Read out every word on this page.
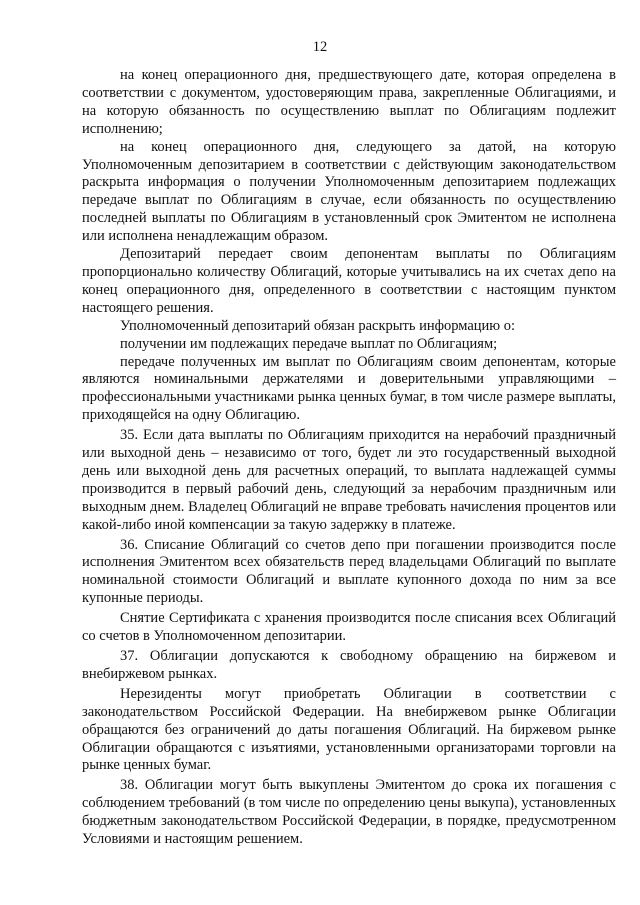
12

на конец операционного дня, предшествующего дате, которая определена в соответствии с документом, удостоверяющим права, закрепленные Облигациями, и на которую обязанность по осуществлению выплат по Облигациям подлежит исполнению;

на конец операционного дня, следующего за датой, на которую Уполномоченным депозитарием в соответствии с действующим законодательством раскрыта информация о получении Уполномоченным депозитарием подлежащих передаче выплат по Облигациям в случае, если обязанность по осуществлению последней выплаты по Облигациям в установленный срок Эмитентом не исполнена или исполнена ненадлежащим образом.

Депозитарий передает своим депонентам выплаты по Облигациям пропорционально количеству Облигаций, которые учитывались на их счетах депо на конец операционного дня, определенного в соответствии с настоящим пунктом настоящего решения.

Уполномоченный депозитарий обязан раскрыть информацию о:

получении им подлежащих передаче выплат по Облигациям;

передаче полученных им выплат по Облигациям своим депонентам, которые являются номинальными держателями и доверительными управляющими – профессиональными участниками рынка ценных бумаг, в том числе размере выплаты, приходящейся на одну Облигацию.

35. Если дата выплаты по Облигациям приходится на нерабочий праздничный или выходной день – независимо от того, будет ли это государственный выходной день или выходной день для расчетных операций, то выплата надлежащей суммы производится в первый рабочий день, следующий за нерабочим праздничным или выходным днем. Владелец Облигаций не вправе требовать начисления процентов или какой-либо иной компенсации за такую задержку в платеже.

36. Списание Облигаций со счетов депо при погашении производится после исполнения Эмитентом всех обязательств перед владельцами Облигаций по выплате номинальной стоимости Облигаций и выплате купонного дохода по ним за все купонные периоды.

Снятие Сертификата с хранения производится после списания всех Облигаций со счетов в Уполномоченном депозитарии.

37. Облигации допускаются к свободному обращению на биржевом и внебиржевом рынках.

Нерезиденты могут приобретать Облигации в соответствии с законодательством Российской Федерации. На внебиржевом рынке Облигации обращаются без ограничений до даты погашения Облигаций. На биржевом рынке Облигации обращаются с изъятиями, установленными организаторами торговли на рынке ценных бумаг.

38. Облигации могут быть выкуплены Эмитентом до срока их погашения с соблюдением требований (в том числе по определению цены выкупа), установленных бюджетным законодательством Российской Федерации, в порядке, предусмотренном Условиями и настоящим решением.
